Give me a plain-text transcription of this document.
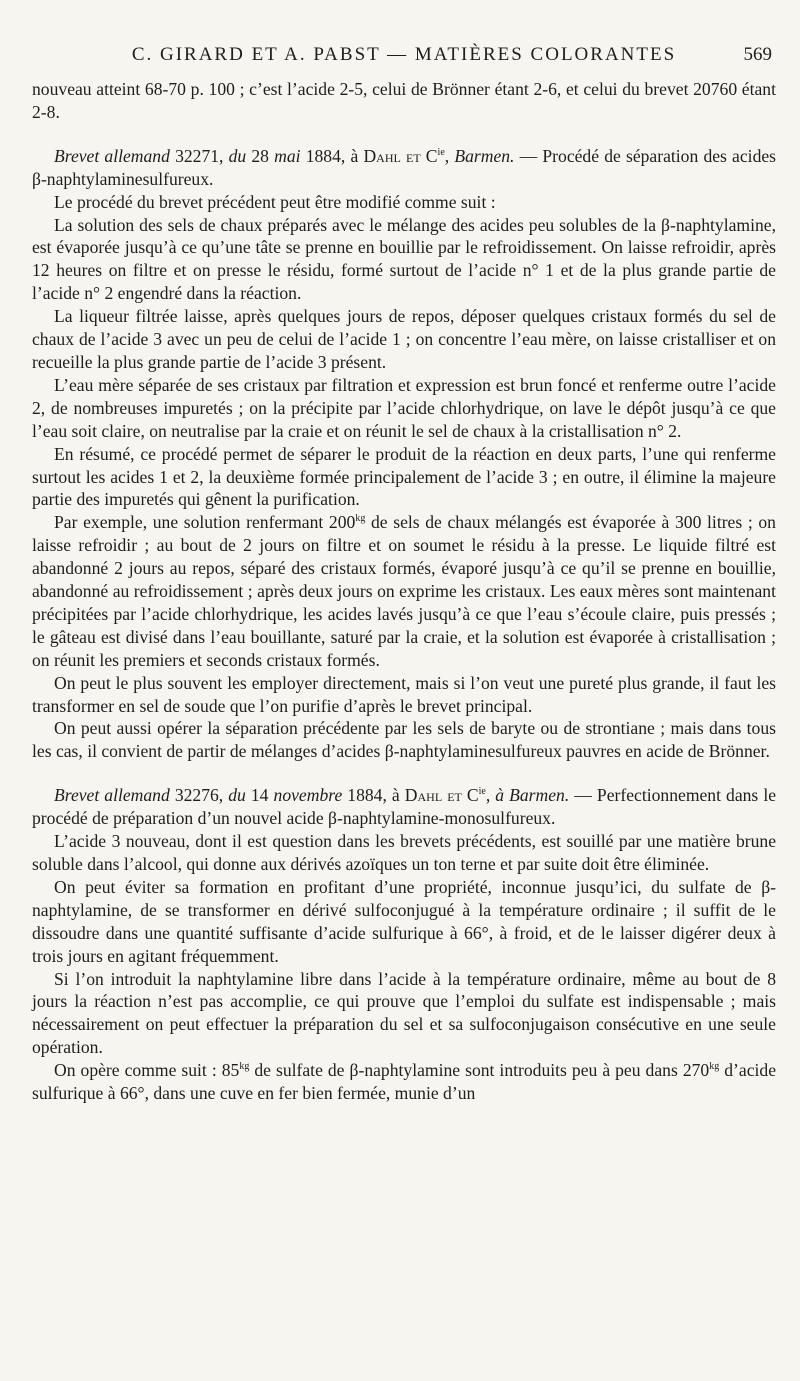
C. GIRARD ET A. PABST — MATIÈRES COLORANTES	569

nouveau atteint 68-70 p. 100 ; c’est l’acide 2-5, celui de Brönner étant 2-6, et celui du brevet 20760 étant 2-8.

Brevet allemand 32271, du 28 mai 1884, à Dahl et $C^{ie}$, Barmen. — Procédé de séparation des acides β-naphtylaminesulfureux.

Le procédé du brevet précédent peut être modifié comme suit :

La solution des sels de chaux préparés avec le mélange des acides peu solubles de la β-naphtylamine, est évaporée jusqu’à ce qu’une tâte se prenne en bouillie par le refroidissement. On laisse refroidir, après 12 heures on filtre et on presse le résidu, formé surtout de l’acide n° 1 et de la plus grande partie de l’acide n° 2 engendré dans la réaction.

La liqueur filtrée laisse, après quelques jours de repos, déposer quelques cristaux formés du sel de chaux de l’acide 3 avec un peu de celui de l’acide 1 ; on concentre l’eau mère, on laisse cristalliser et on recueille la plus grande partie de l’acide 3 présent.

L’eau mère séparée de ses cristaux par filtration et expression est brun foncé et renferme outre l’acide 2, de nombreuses impuretés ; on la précipite par l’acide chlorhydrique, on lave le dépôt jusqu’à ce que l’eau soit claire, on neutralise par la craie et on réunit le sel de chaux à la cristallisation n° 2.

En résumé, ce procédé permet de séparer le produit de la réaction en deux parts, l’une qui renferme surtout les acides 1 et 2, la deuxième formée principalement de l’acide 3 ; en outre, il élimine la majeure partie des impuretés qui gênent la purification.

Par exemple, une solution renfermant $200^{kg}$ de sels de chaux mélangés est évaporée à 300 litres ; on laisse refroidir ; au bout de 2 jours on filtre et on soumet le résidu à la presse. Le liquide filtré est abandonné 2 jours au repos, séparé des cristaux formés, évaporé jusqu’à ce qu’il se prenne en bouillie, abandonné au refroidissement ; après deux jours on exprime les cristaux. Les eaux mères sont maintenant précipitées par l’acide chlorhydrique, les acides lavés jusqu’à ce que l’eau s’écoule claire, puis pressés ; le gâteau est divisé dans l’eau bouillante, saturé par la craie, et la solution est évaporée à cristallisation ; on réunit les premiers et seconds cristaux formés.

On peut le plus souvent les employer directement, mais si l’on veut une pureté plus grande, il faut les transformer en sel de soude que l’on purifie d’après le brevet principal.

On peut aussi opérer la séparation précédente par les sels de baryte ou de strontiane ; mais dans tous les cas, il convient de partir de mélanges d’acides β-naphtylaminesulfureux pauvres en acide de Brönner.

Brevet allemand 32276, du 14 novembre 1884, à Dahl et $C^{ie}$, à Barmen. — Perfectionnement dans le procédé de préparation d’un nouvel acide β-naphtylamine-monosulfureux.

L’acide 3 nouveau, dont il est question dans les brevets précédents, est souillé par une matière brune soluble dans l’alcool, qui donne aux dérivés azoïques un ton terne et par suite doit être éliminée.

On peut éviter sa formation en profitant d’une propriété, inconnue jusqu’ici, du sulfate de β-naphtylamine, de se transformer en dérivé sulfoconjugué à la température ordinaire ; il suffit de le dissoudre dans une quantité suffisante d’acide sulfurique à 66°, à froid, et de le laisser digérer deux à trois jours en agitant fréquemment.

Si l’on introduit la naphtylamine libre dans l’acide à la température ordinaire, même au bout de 8 jours la réaction n’est pas accomplie, ce qui prouve que l’emploi du sulfate est indispensable ; mais nécessairement on peut effectuer la préparation du sel et sa sulfoconjugaison consécutive en une seule opération.

On opère comme suit : $85^{kg}$ de sulfate de β-naphtylamine sont introduits peu à peu dans $270^{kg}$ d’acide sulfurique à 66°, dans une cuve en fer bien fermée, munie d’un
